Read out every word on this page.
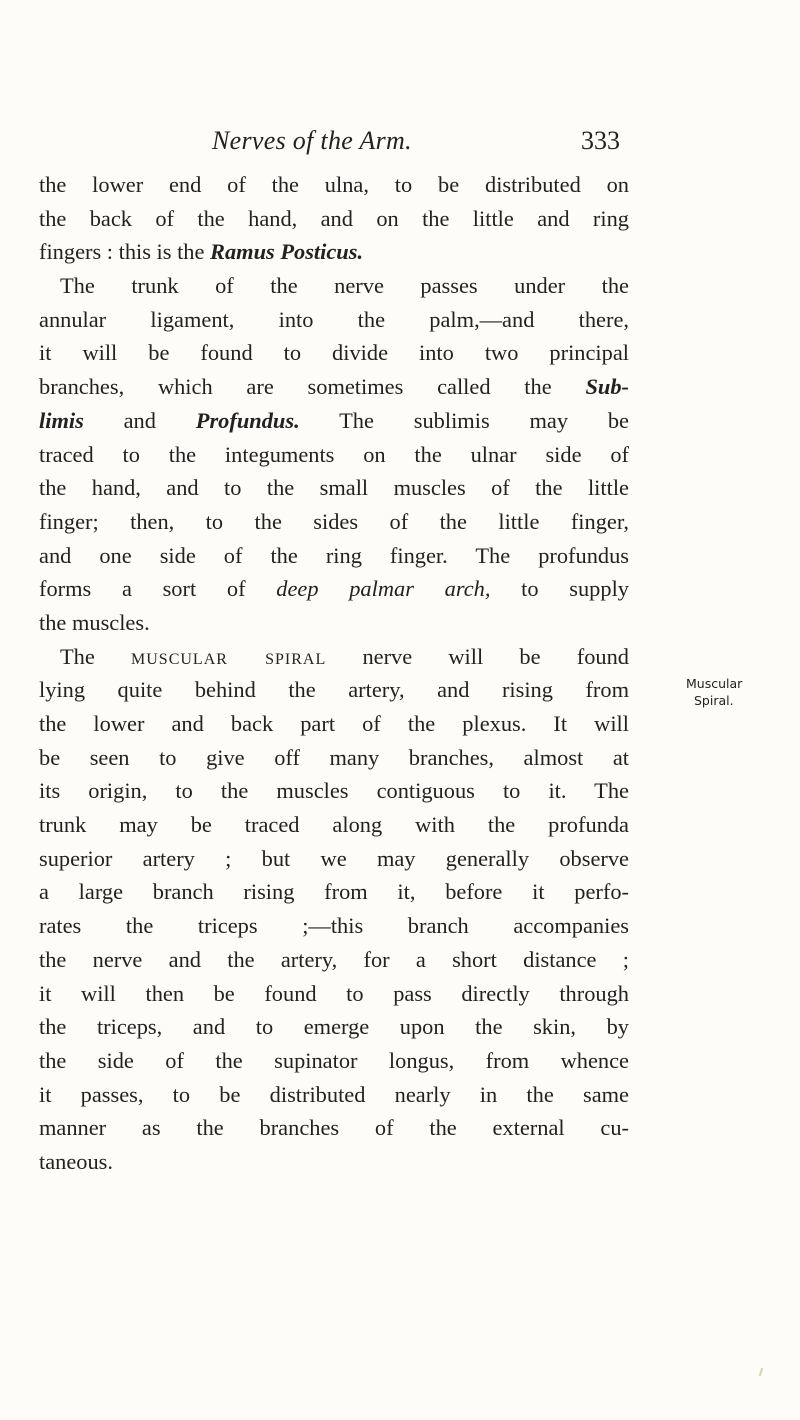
Nerves of the Arm.	333
the lower end of the ulna, to be distributed on
the back of the hand, and on the little and ring
fingers : this is the Ramus Posticus.
The trunk of the nerve passes under the
annular ligament, into the palm,—and there,
it will be found to divide into two principal
branches, which are sometimes called the Sub-
limis and Profundus. The sublimis may be
traced to the integuments on the ulnar side of
the hand, and to the small muscles of the little
finger; then, to the sides of the little finger,
and one side of the ring finger. The profundus
forms a sort of deep palmar arch, to supply
the muscles.
The muscular spiral nerve will be found
lying quite behind the artery, and rising from
the lower and back part of the plexus. It will
be seen to give off many branches, almost at
its origin, to the muscles contiguous to it. The
trunk may be traced along with the profunda
superior artery ; but we may generally observe
a large branch rising from it, before it perfo-
rates the triceps ;—this branch accompanies
the nerve and the artery, for a short distance ;
it will then be found to pass directly through
the triceps, and to emerge upon the skin, by
the side of the supinator longus, from whence
it passes, to be distributed nearly in the same
manner as the branches of the external cu-
taneous.
Muscular
Spiral.
